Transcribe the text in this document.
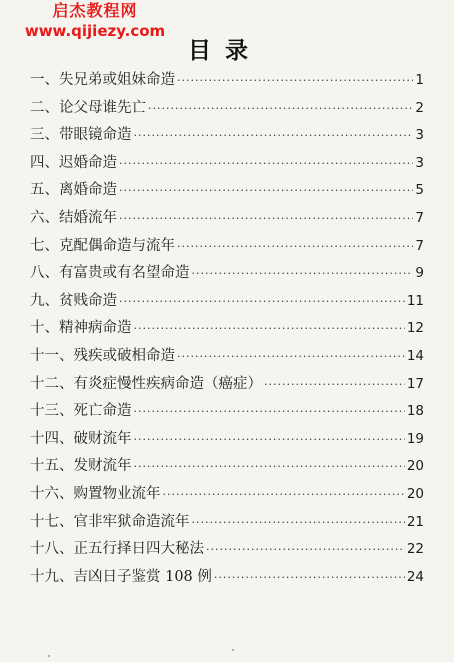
启杰教程网
www.qijiezy.com
目录
一、失兄弟或姐妹命造 ·····	1
二、论父母谁先亡 ·····	2
三、带眼镜命造 ·····	3
四、迟婚命造 ·····	3
五、离婚命造 ·····	5
六、结婚流年 ·····	7
七、克配偶命造与流年 ·····	7
八、有富贵或有名望命造 ·····	9
九、贫贱命造 ·····	11
十、精神病命造 ·····	12
十一、残疾或破相命造 ·····	14
十二、有炎症慢性疾病命造（癌症） ·····	17
十三、死亡命造 ·····	18
十四、破财流年 ·····	19
十五、发财流年 ·····	20
十六、购置物业流年 ·····	20
十七、官非牢狱命造流年 ·····	21
十八、正五行择日四大秘法 ·····	22
十九、吉凶日子鉴赏 108 例 ·····	24
